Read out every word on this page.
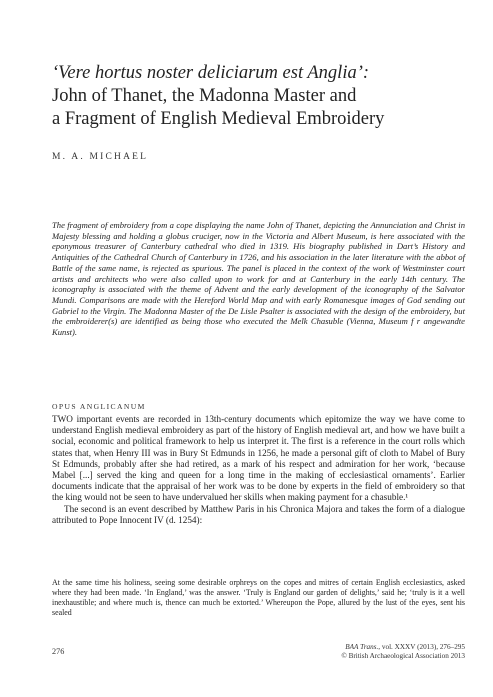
‘Vere hortus noster deliciarum est Anglia’:
John of Thanet, the Madonna Master and
a Fragment of English Medieval Embroidery
M. A. MICHAEL

The fragment of embroidery from a cope displaying the name John of Thanet, depicting the Annunciation and Christ in Majesty blessing and holding a globus cruciger, now in the Victoria and Albert Museum, is here associated with the eponymous treasurer of Canterbury cathedral who died in 1319. His biography published in Dart’s History and Antiquities of the Cathedral Church of Canterbury in 1726, and his association in the later literature with the abbot of Battle of the same name, is rejected as spurious. The panel is placed in the context of the work of Westminster court artists and architects who were also called upon to work for and at Canterbury in the early 14th century. The iconography is associated with the theme of Advent and the early development of the iconography of the Salvator Mundi. Comparisons are made with the Hereford World Map and with early Romanesque images of God sending out Gabriel to the Virgin. The Madonna Master of the De Lisle Psalter is associated with the design of the embroidery, but the embroiderer(s) are identified as being those who executed the Melk Chasuble (Vienna, Museum f r angewandte Kunst).

OPUS ANGLICANUM

TWO important events are recorded in 13th-century documents which epitomize the way we have come to understand English medieval embroidery as part of the history of English medieval art, and how we have built a social, economic and political framework to help us interpret it. The first is a reference in the court rolls which states that, when Henry III was in Bury St Edmunds in 1256, he made a personal gift of cloth to Mabel of Bury St Edmunds, probably after she had retired, as a mark of his respect and admiration for her work, ‘because Mabel [...] served the king and queen for a long time in the making of ecclesiastical ornaments’. Earlier documents indicate that the appraisal of her work was to be done by experts in the field of embroidery so that the king would not be seen to have undervalued her skills when making payment for a chasuble.¹

The second is an event described by Matthew Paris in his Chronica Majora and takes the form of a dialogue attributed to Pope Innocent IV (d. 1254):

At the same time his holiness, seeing some desirable orphreys on the copes and mitres of certain English ecclesiastics, asked where they had been made. ‘In England,’ was the answer. ‘Truly is England our garden of delights,’ said he; ‘truly is it a well inexhaustible; and where much is, thence can much be extorted.’ Whereupon the Pope, allured by the lust of the eyes, sent his sealed

276	BAA Trans., vol. XXXV (2013), 276–295
© British Archaeological Association 2013
